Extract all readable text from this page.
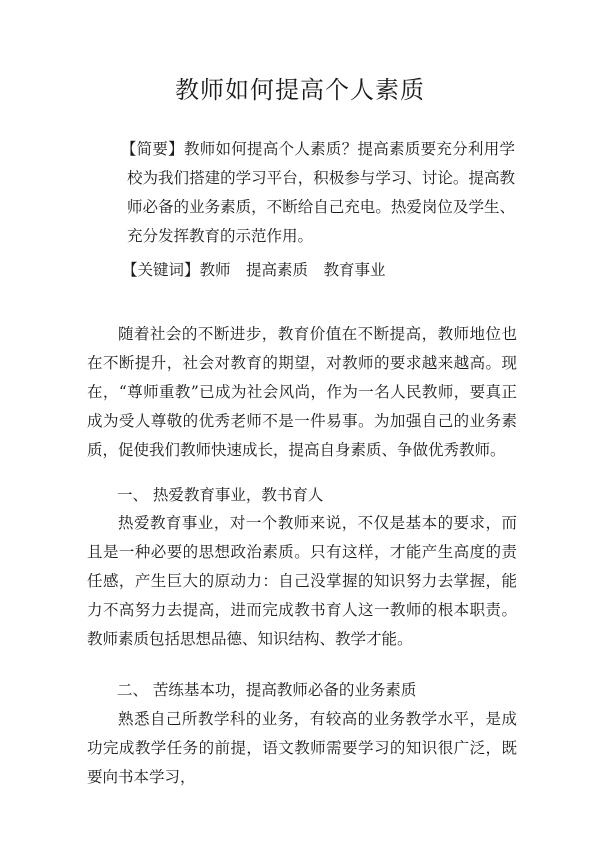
教师如何提高个人素质

【简要】教师如何提高个人素质？提高素质要充分利用学校为我们搭建的学习平台，积极参与学习、讨论。提高教师必备的业务素质，不断给自己充电。热爱岗位及学生、充分发挥教育的示范作用。

【关键词】教师　提高素质　教育事业

随着社会的不断进步，教育价值在不断提高，教师地位也在不断提升，社会对教育的期望，对教师的要求越来越高。现在，“尊师重教”已成为社会风尚，作为一名人民教师，要真正成为受人尊敬的优秀老师不是一件易事。为加强自己的业务素质，促使我们教师快速成长，提高自身素质、争做优秀教师。

一、 热爱教育事业，教书育人

热爱教育事业，对一个教师来说，不仅是基本的要求，而且是一种必要的思想政治素质。只有这样，才能产生高度的责任感，产生巨大的原动力：自己没掌握的知识努力去掌握，能力不高努力去提高，进而完成教书育人这一教师的根本职责。教师素质包括思想品德、知识结构、教学才能。

二、 苦练基本功，提高教师必备的业务素质

熟悉自己所教学科的业务，有较高的业务教学水平，是成功完成教学任务的前提，语文教师需要学习的知识很广泛，既要向书本学习，
